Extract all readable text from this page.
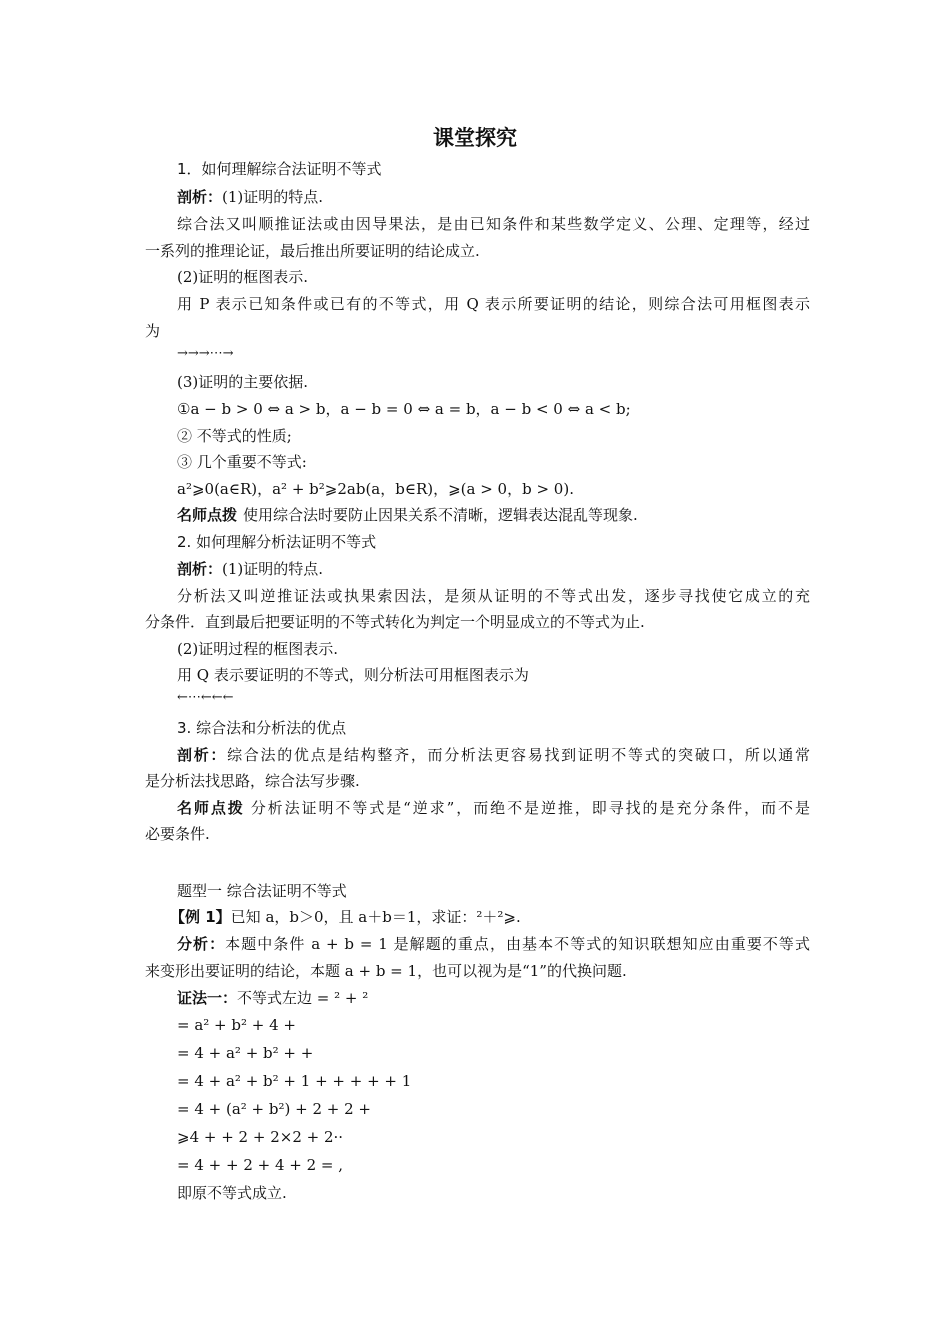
课堂探究
1．如何理解综合法证明不等式
剖析：(1)证明的特点.
综合法又叫顺推证法或由因导果法，是由已知条件和某些数学定义、公理、定理等，经过
一系列的推理论证，最后推出所要证明的结论成立.
(2)证明的框图表示.
用 P 表示已知条件或已有的不等式，用 Q 表示所要证明的结论，则综合法可用框图表示
为
→→→⋯→
(3)证明的主要依据.
①a − b > 0 ⇔ a > b，a − b = 0 ⇔ a = b，a − b < 0 ⇔ a < b;
② 不等式的性质;
③ 几个重要不等式:
a²⩾0(a∈R)，a² + b²⩾2ab(a，b∈R)，⩾(a > 0，b > 0).
名师点拨 使用综合法时要防止因果关系不清晰，逻辑表达混乱等现象.
2. 如何理解分析法证明不等式
剖析：(1)证明的特点.
分析法又叫逆推证法或执果索因法，是须从证明的不等式出发，逐步寻找使它成立的充
分条件．直到最后把要证明的不等式转化为判定一个明显成立的不等式为止.
(2)证明过程的框图表示.
用 Q 表示要证明的不等式，则分析法可用框图表示为
←⋯←←←
3. 综合法和分析法的优点
剖析：综合法的优点是结构整齐，而分析法更容易找到证明不等式的突破口，所以通常
是分析法找思路，综合法写步骤.
名师点拨 分析法证明不等式是“逆求”，而绝不是逆推，即寻找的是充分条件，而不是
必要条件.
题型一 综合法证明不等式
【例 1】已知 a，b＞0，且 a＋b＝1，求证：²＋²⩾.
分析：本题中条件 a + b = 1 是解题的重点，由基本不等式的知识联想知应由重要不等式
来变形出要证明的结论，本题 a + b = 1，也可以视为是“1”的代换问题.
证法一：不等式左边 = ² + ²
= a² + b² + 4 +
= 4 + a² + b² + +
= 4 + a² + b² + 1 + + + + + 1
= 4 + (a² + b²) + 2 + 2 +
⩾4 + + 2 + 2×2 + 2··
= 4 + + 2 + 4 + 2 = ,
即原不等式成立.
